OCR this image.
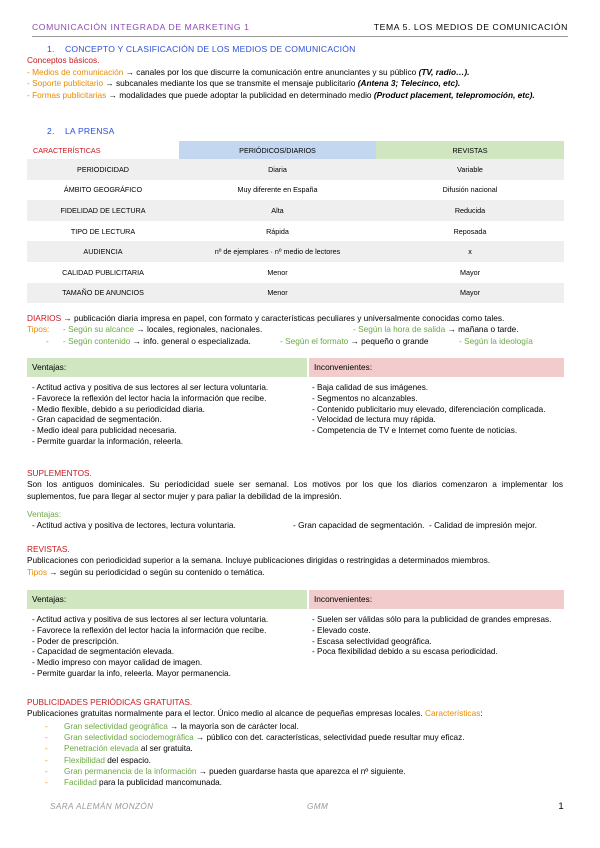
COMUNICACIÓN INTEGRADA DE MARKETING 1	TEMA 5. LOS MEDIOS DE COMUNICACIÓN
1. CONCEPTO Y CLASIFICACIÓN DE LOS MEDIOS DE COMUNICACIÓN
Conceptos básicos.
- Medios de comunicación → canales por los que discurre la comunicación entre anunciantes y su público (TV, radio…).
- Soporte publicitario → subcanales mediante los que se transmite el mensaje publicitario (Antena 3; Telecinco, etc).
- Formas publicitarias → modalidades que puede adoptar la publicidad en determinado medio (Product placement, telepromoción, etc).
2. LA PRENSA
CARACTERÍSTICAS	PERIÓDICOS/DIARIOS	REVISTAS
PERIODICIDAD	Diaria	Variable
ÁMBITO GEOGRÁFICO	Muy diferente en España	Difusión nacional
FIDELIDAD DE LECTURA	Alta	Reducida
TIPO DE LECTURA	Rápida	Reposada
AUDIENCIA	nº de ejemplares · nº medio de lectores	x
CALIDAD PUBLICITARIA	Menor	Mayor
TAMAÑO DE ANUNCIOS	Menor	Mayor
DIARIOS → publicación diaria impresa en papel, con formato y características peculiares y universalmente conocidas como tales.
Tipos: - Según su alcance → locales, regionales, nacionales.	- Según la hora de salida → mañana o tarde.
- - Según contenido → info. general o especializada.	- Según el formato → pequeño o grande	- Según la ideología
Ventajas:	Inconvenientes:
- Actitud activa y positiva de sus lectores al ser lectura voluntaria.
- Favorece la reflexión del lector hacia la información que recibe.
- Medio flexible, debido a su periodicidad diaria.
- Gran capacidad de segmentación.
- Medio ideal para publicidad necesaria.
- Permite guardar la información, releerla.
- Baja calidad de sus imágenes.
- Segmentos no alcanzables.
- Contenido publicitario muy elevado, diferenciación complicada.
- Velocidad de lectura muy rápida.
- Competencia de TV e Internet como fuente de noticias.
SUPLEMENTOS.
Son los antiguos dominicales. Su periodicidad suele ser semanal. Los motivos por los que los diarios comenzaron a implementar los suplementos, fue para llegar al sector mujer y para paliar la debilidad de la impresión.
Ventajas:
- Actitud activa y positiva de lectores, lectura voluntaria.	- Gran capacidad de segmentación. - Calidad de impresión mejor.
REVISTAS.
Publicaciones con periodicidad superior a la semana. Incluye publicaciones dirigidas o restringidas a determinados miembros.
Tipos → según su periodicidad o según su contenido o temática.
Ventajas:	Inconvenientes:
- Actitud activa y positiva de sus lectores al ser lectura voluntaria.
- Favorece la reflexión del lector hacia la información que recibe.
- Poder de prescripción.
- Capacidad de segmentación elevada.
- Medio impreso con mayor calidad de imagen.
- Permite guardar la info, releerla. Mayor permanencia.
- Suelen ser válidas sólo para la publicidad de grandes empresas.
- Elevado coste.
- Escasa selectividad geográfica.
- Poca flexibilidad debido a su escasa periodicidad.
PUBLICIDADES PERIÓDICAS GRATUITAS.
Publicaciones gratuitas normalmente para el lector. Único medio al alcance de pequeñas empresas locales. Características:
- Gran selectividad geográfica → la mayoría son de carácter local.
- Gran selectividad sociodemográfica → público con det. características, selectividad puede resultar muy eficaz.
- Penetración elevada al ser gratuita.
- Flexibilidad del espacio.
- Gran permanencia de la información → pueden guardarse hasta que aparezca el nº siguiente.
- Facilidad para la publicidad mancomunada.
SARA ALEMÁN MONZÓN	GMM	1
